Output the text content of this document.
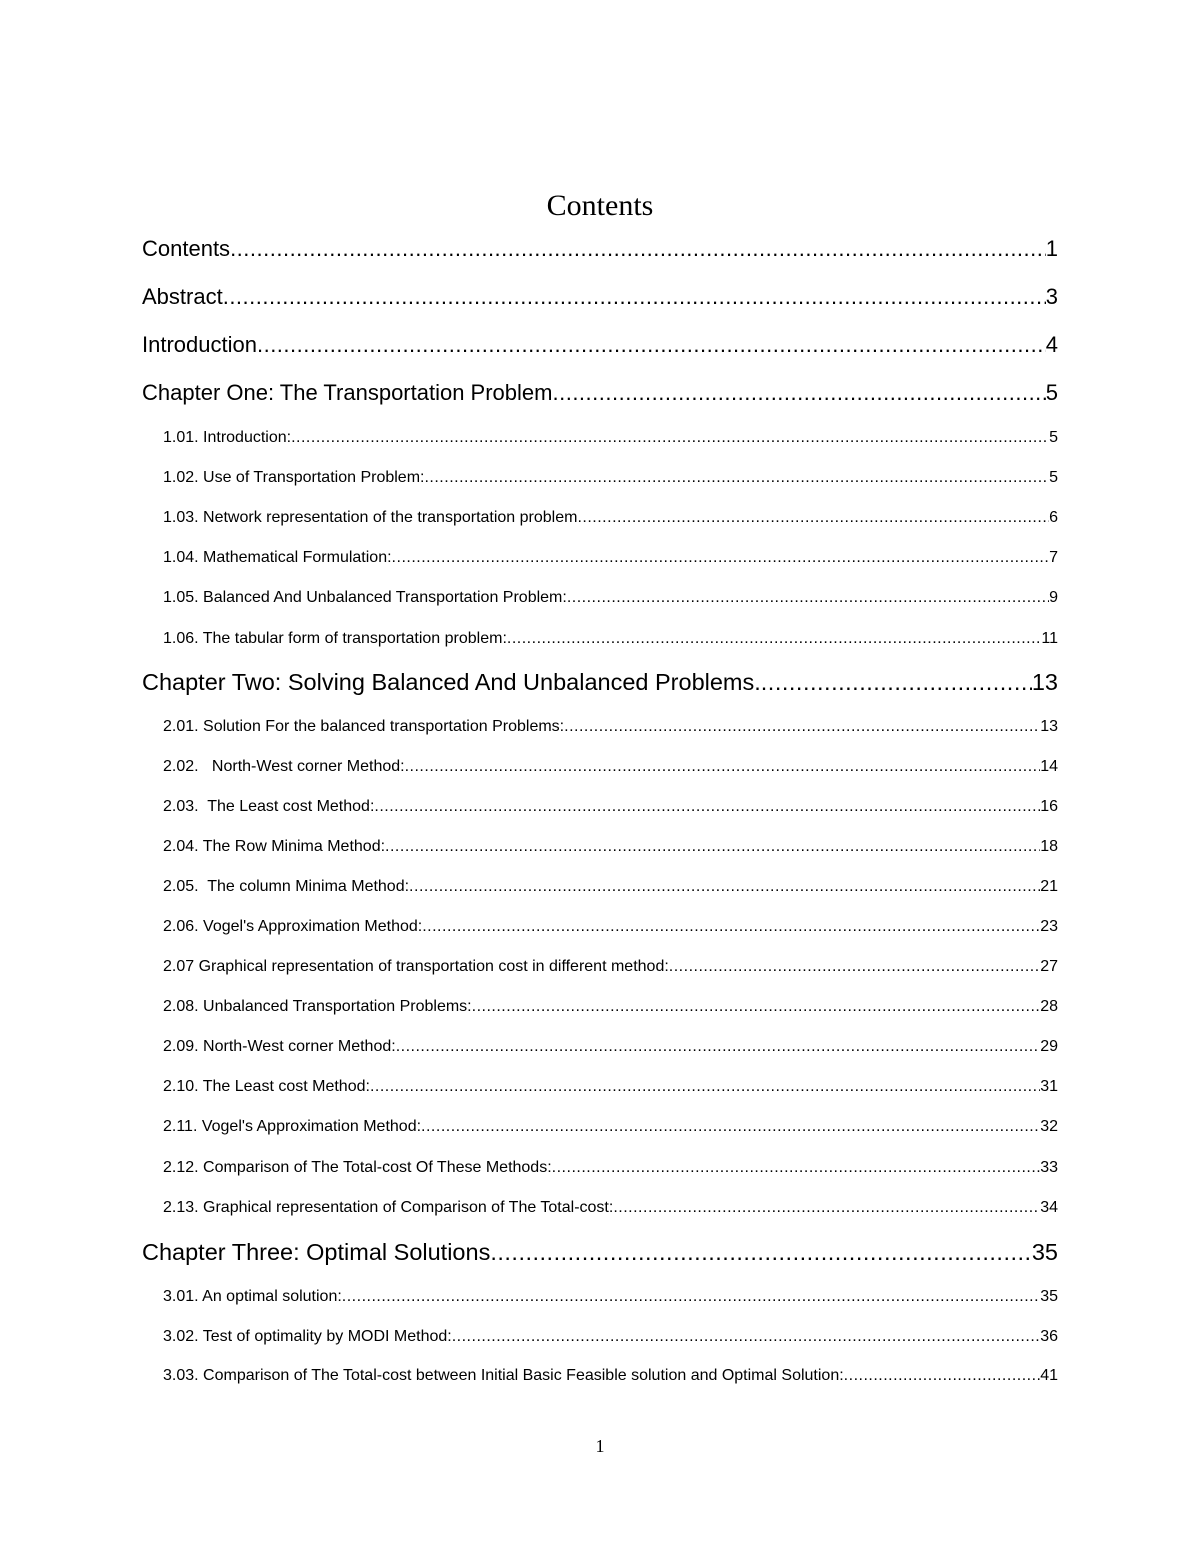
Contents
Contents .....	1
Abstract .....	3
Introduction .....	4
Chapter One: The Transportation Problem .....	5
1.01. Introduction: .....	5
1.02. Use of Transportation Problem: .....	5
1.03. Network representation of the transportation problem .....	6
1.04. Mathematical Formulation: .....	7
1.05. Balanced And Unbalanced Transportation Problem: .....	9
1.06. The tabular form of transportation problem: .....	11
Chapter Two: Solving Balanced And Unbalanced Problems. .....	13
2.01. Solution For the balanced transportation Problems: .....	13
2.02.   North-West corner Method: .....	14
2.03.  The Least cost Method: .....	16
2.04. The Row Minima Method: .....	18
2.05.  The column Minima Method: .....	21
2.06. Vogel's Approximation Method: .....	23
2.07 Graphical representation of transportation cost in different method: .....	27
2.08. Unbalanced Transportation Problems: .....	28
2.09. North-West corner Method: .....	29
2.10. The Least cost Method: .....	31
2.11. Vogel's Approximation Method: .....	32
2.12. Comparison of The Total-cost Of These Methods: .....	33
2.13. Graphical representation of Comparison of The Total-cost: .....	34
Chapter Three: Optimal Solutions .....	35
3.01. An optimal solution: .....	35
3.02. Test of optimality by MODI Method: .....	36
3.03. Comparison of The Total-cost between Initial Basic Feasible solution and Optimal Solution: .....	41
1
